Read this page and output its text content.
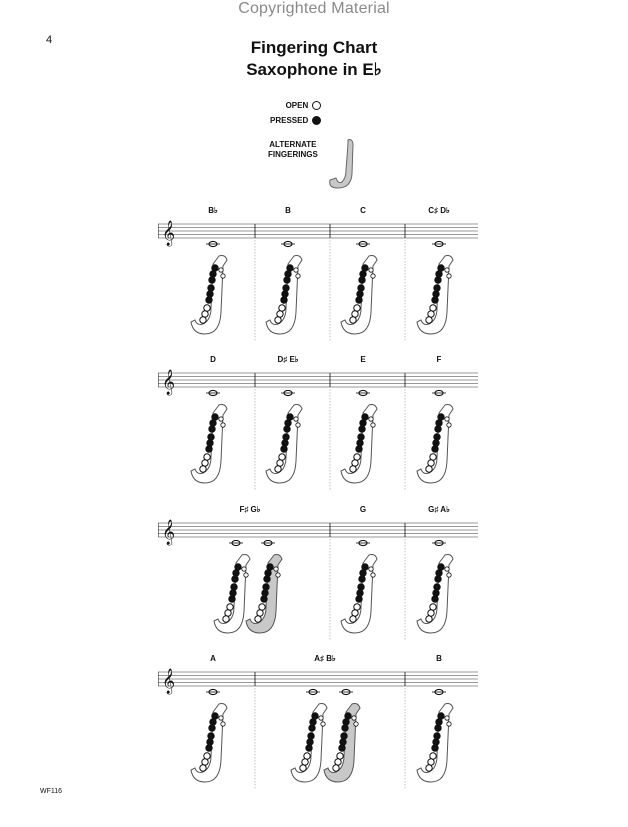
Copyrighted Material
4	Fingering Chart
Saxophone in E♭
OPEN
PRESSED
ALTERNATE
FINGERINGS
𝄞
B♭	B	C	C♯ D♭
𝄞
D	D♯ E♭	E	F
𝄞
F♯ G♭	G	G♯ A♭
𝄞
A	A♯ B♭	B
WF116
